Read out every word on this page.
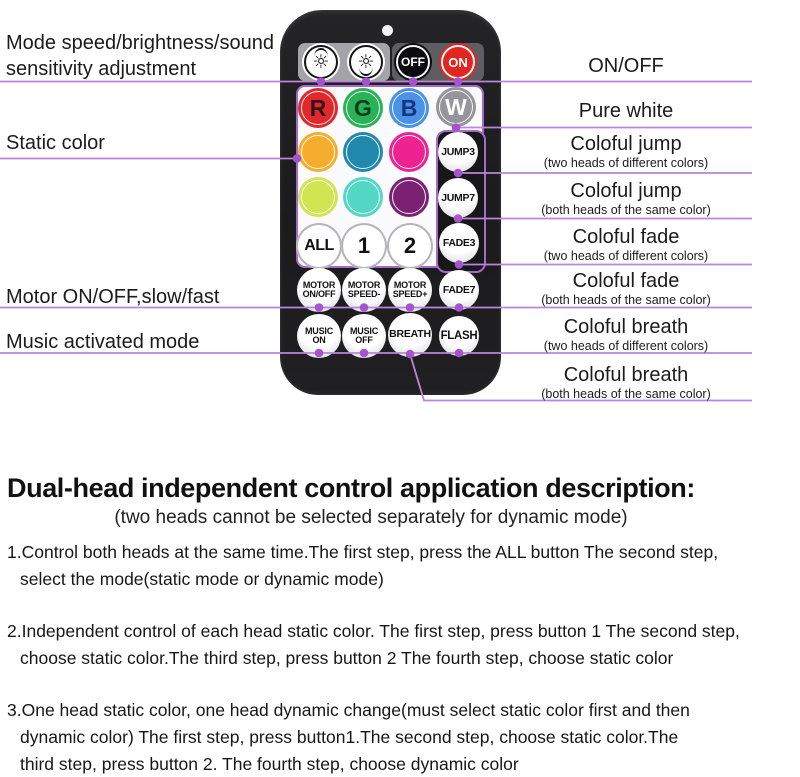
☼ ☼	OFF	ON
R	G	B	W
ALL	1	2
JUMP3
JUMP7
FADE3
FADE7
FLASH
MOTOR
ON/OFF
MOTOR
SPEED-
MOTOR
SPEED+
MUSIC
ON
MUSIC
OFF BREATH
Mode speed/brightness/sound
sensitivity adjustment
Static color
Motor ON/OFF,slow/fast
Music activated mode
ON/OFF
Pure white
Coloful jump
(two heads of different colors)
Coloful jump
(both heads of the same color)
Coloful fade
(two heads of different colors)
Coloful fade
(both heads of the same color)
Coloful breath
(two heads of different colors)
Coloful breath
(both heads of the same color)
Dual-head independent control application description:
(two heads cannot be selected separately for dynamic mode)
1.Control both heads at the same time.The first step, press the ALL button The second step,
select the mode(static mode or dynamic mode)
2.Independent control of each head static color. The first step, press button 1 The second step,
choose static color.The third step, press button 2 The fourth step, choose static color
3.One head static color, one head dynamic change(must select static color first and then
dynamic color) The first step, press button1.The second step, choose static color.The
third step, press button 2. The fourth step, choose dynamic color
